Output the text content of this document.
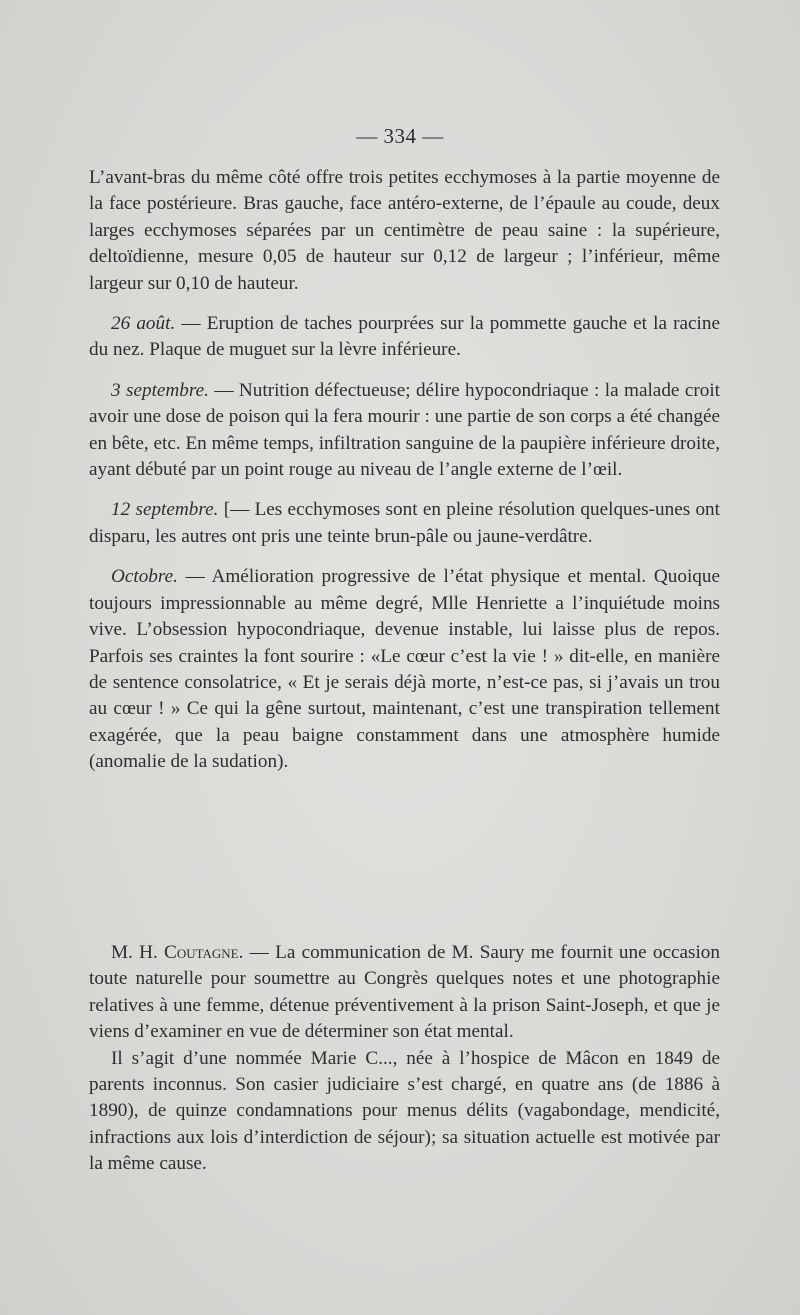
— 334 —

L’avant-bras du même côté offre trois petites ecchymoses à la partie moyenne de la face postérieure. Bras gauche, face antéro-externe, de l’épaule au coude, deux larges ecchymoses séparées par un centimètre de peau saine : la supérieure, deltoïdienne, mesure 0,05 de hauteur sur 0,12 de largeur ; l’inférieur, même largeur sur 0,10 de hauteur.

26 août. — Eruption de taches pourprées sur la pommette gauche et la racine du nez. Plaque de muguet sur la lèvre inférieure.

3 septembre. — Nutrition défectueuse; délire hypocondriaque : la malade croit avoir une dose de poison qui la fera mourir : une partie de son corps a été changée en bête, etc. En même temps, infiltration sanguine de la paupière inférieure droite, ayant débuté par un point rouge au niveau de l’angle externe de l’œil.

12 septembre. [— Les ecchymoses sont en pleine résolution quelques-unes ont disparu, les autres ont pris une teinte brun-pâle ou jaune-verdâtre.

Octobre. — Amélioration progressive de l’état physique et mental. Quoique toujours impressionnable au même degré, Mlle Henriette a l’inquiétude moins vive. L’obsession hypocondriaque, devenue instable, lui laisse plus de repos. Parfois ses craintes la font sourire : «Le cœur c’est la vie ! » dit-elle, en manière de sentence consolatrice, « Et je serais déjà morte, n’est-ce pas, si j’avais un trou au cœur ! » Ce qui la gêne surtout, maintenant, c’est une transpiration tellement exagérée, que la peau baigne constamment dans une atmosphère humide (anomalie de la sudation).

M. H. Coutagne. — La communication de M. Saury me fournit une occasion toute naturelle pour soumettre au Congrès quelques notes et une photographie relatives à une femme, détenue préventivement à la prison Saint-Joseph, et que je viens d’examiner en vue de déterminer son état mental.

Il s’agit d’une nommée Marie C..., née à l’hospice de Mâcon en 1849 de parents inconnus. Son casier judiciaire s’est chargé, en quatre ans (de 1886 à 1890), de quinze condamnations pour menus délits (vagabondage, mendicité, infractions aux lois d’interdiction de séjour); sa situation actuelle est motivée par la même cause.
